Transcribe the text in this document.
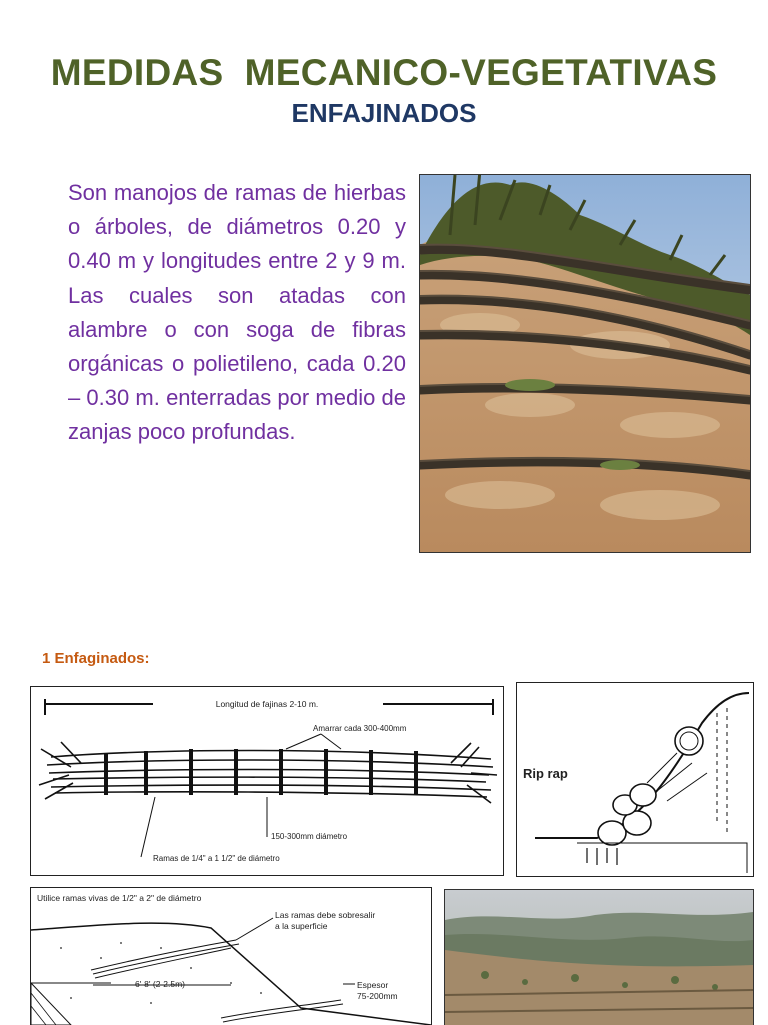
MEDIDAS  MECANICO-VEGETATIVAS
ENFAJINADOS
Son manojos de ramas de hierbas o árboles, de diámetros 0.20 y 0.40 m y longitudes entre 2 y 9 m. Las cuales son atadas con alambre o con soga de fibras orgánicas o polietileno, cada 0.20 – 0.30 m. enterradas por medio de zanjas poco profundas.
1 Enfaginados:
Longitud de fajinas 2-10 m.
Amarrar cada 300-400mm
150-300mm diámetro
Ramas de 1/4" a 1 1/2" de diámetro
Rip rap
Utilice ramas vivas de 1/2" a 2" de diámetro
Las ramas debe sobresalir
a la superficie
6'-8' (2-2.5m)	Espesor
75-200mm
